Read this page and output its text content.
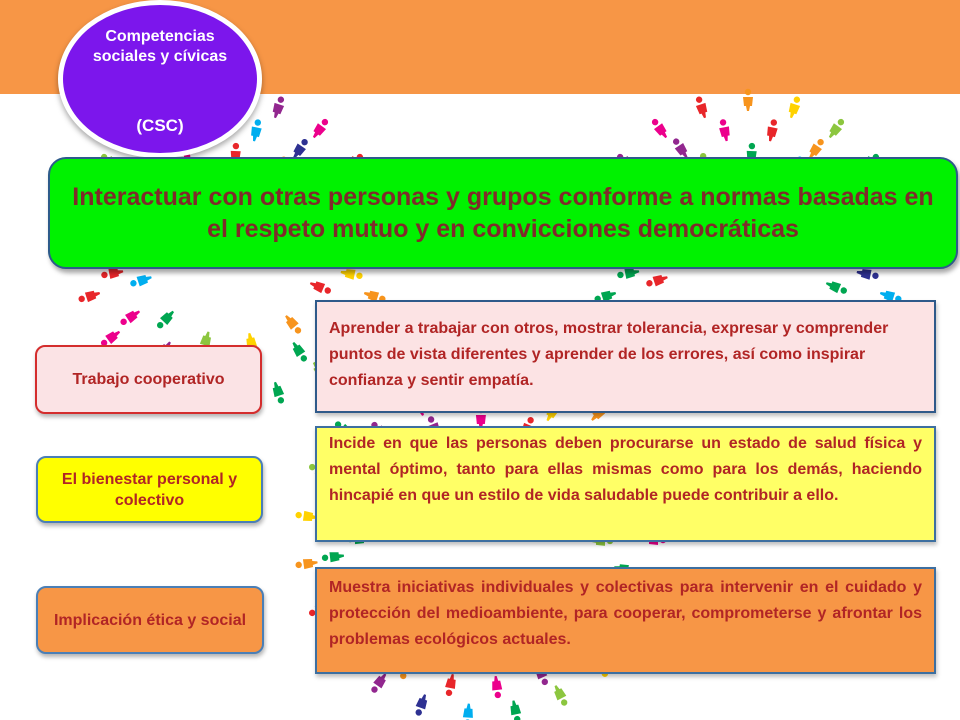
Competencias sociales y cívicas
(CSC)
Interactuar con otras personas y grupos conforme a normas basadas en el respeto mutuo y en convicciones democráticas
Trabajo cooperativo
Aprender a trabajar con otros, mostrar tolerancia, expresar y comprender puntos de vista diferentes y aprender de los errores, así como inspirar confianza y sentir empatía.
El bienestar personal y colectivo
Incide en que las personas deben procurarse un estado de salud física y mental óptimo, tanto para ellas mismas como para los demás, haciendo hincapié en que un estilo de vida saludable puede contribuir a ello.
Implicación ética y social
Muestra iniciativas individuales y colectivas para intervenir en el cuidado y protección del medioambiente, para cooperar, comprometerse y afrontar los problemas ecológicos actuales.
